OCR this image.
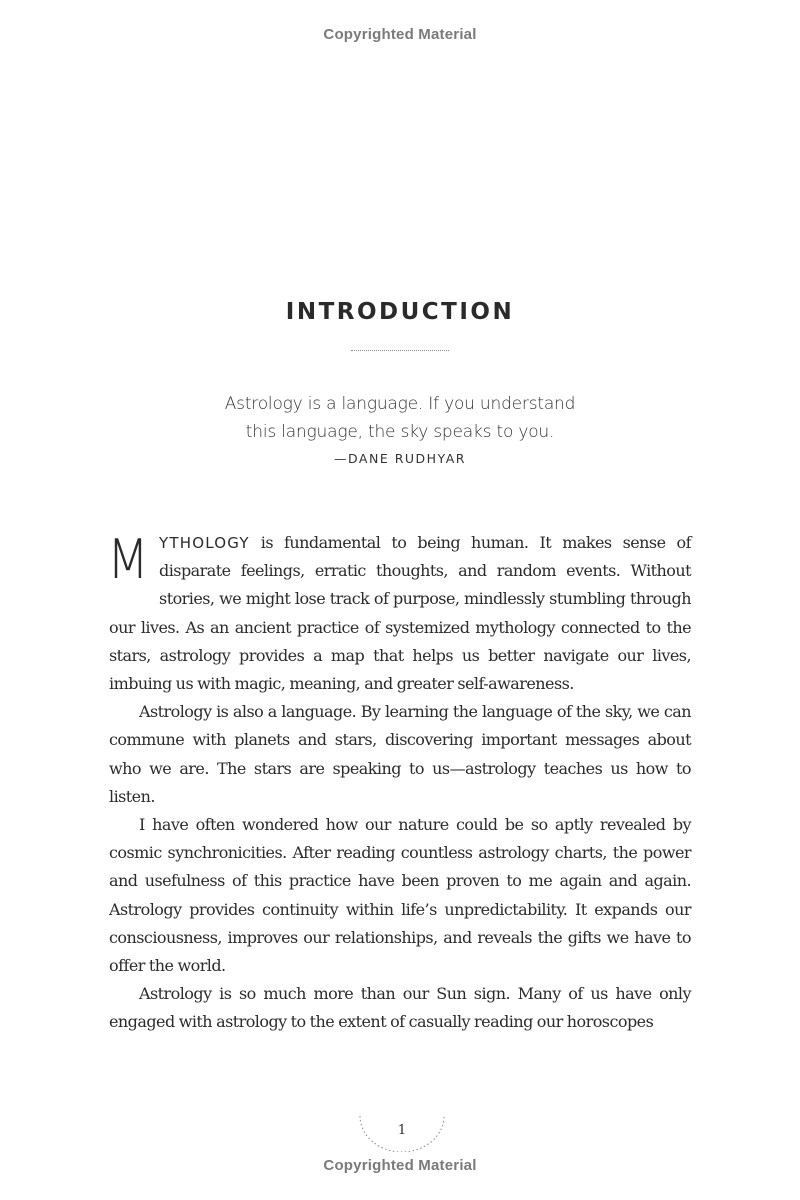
Copyrighted Material
INTRODUCTION
Astrology is a language. If you understand
this language, the sky speaks to you.
—DANE RUDHYAR

MYTHOLOGY is fundamental to being human. It makes sense of disparate feelings, erratic thoughts, and random events. Without stories, we might lose track of purpose, mindlessly stumbling through our lives. As an ancient practice of systemized mythology connected to the stars, astrology provides a map that helps us better navigate our lives, imbuing us with magic, meaning, and greater self-awareness.

Astrology is also a language. By learning the language of the sky, we can commune with planets and stars, discovering important messages about who we are. The stars are speaking to us—astrology teaches us how to listen.

I have often wondered how our nature could be so aptly revealed by cosmic synchronicities. After reading countless astrology charts, the power and usefulness of this practice have been proven to me again and again. Astrology provides continuity within life’s unpredictability. It expands our consciousness, improves our relationships, and reveals the gifts we have to offer the world.

Astrology is so much more than our Sun sign. Many of us have only engaged with astrology to the extent of casually reading our horoscopes

1
Copyrighted Material
